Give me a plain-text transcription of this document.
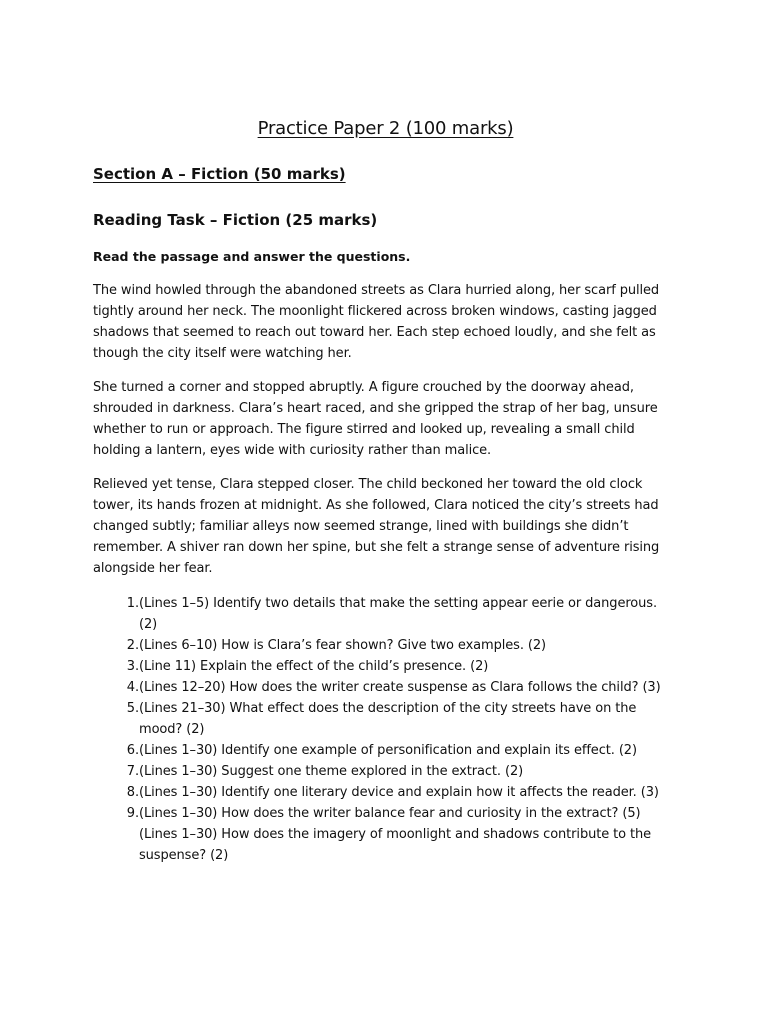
Practice Paper 2 (100 marks)
Section A – Fiction (50 marks)
Reading Task – Fiction (25 marks)
Read the passage and answer the questions.

The wind howled through the abandoned streets as Clara hurried along, her scarf pulled tightly around her neck. The moonlight flickered across broken windows, casting jagged shadows that seemed to reach out toward her. Each step echoed loudly, and she felt as though the city itself were watching her.

She turned a corner and stopped abruptly. A figure crouched by the doorway ahead, shrouded in darkness. Clara’s heart raced, and she gripped the strap of her bag, unsure whether to run or approach. The figure stirred and looked up, revealing a small child holding a lantern, eyes wide with curiosity rather than malice.

Relieved yet tense, Clara stepped closer. The child beckoned her toward the old clock tower, its hands frozen at midnight. As she followed, Clara noticed the city’s streets had changed subtly; familiar alleys now seemed strange, lined with buildings she didn’t remember. A shiver ran down her spine, but she felt a strange sense of adventure rising alongside her fear.

1. (Lines 1–5) Identify two details that make the setting appear eerie or dangerous. (2)
2. (Lines 6–10) How is Clara’s fear shown? Give two examples. (2)
3. (Line 11) Explain the effect of the child’s presence. (2)
4. (Lines 12–20) How does the writer create suspense as Clara follows the child? (3)
5. (Lines 21–30) What effect does the description of the city streets have on the mood? (2)
6. (Lines 1–30) Identify one example of personification and explain its effect. (2)
7. (Lines 1–30) Suggest one theme explored in the extract. (2)
8. (Lines 1–30) Identify one literary device and explain how it affects the reader. (3)
9. (Lines 1–30) How does the writer balance fear and curiosity in the extract? (5)
(Lines 1–30) How does the imagery of moonlight and shadows contribute to the suspense? (2)
